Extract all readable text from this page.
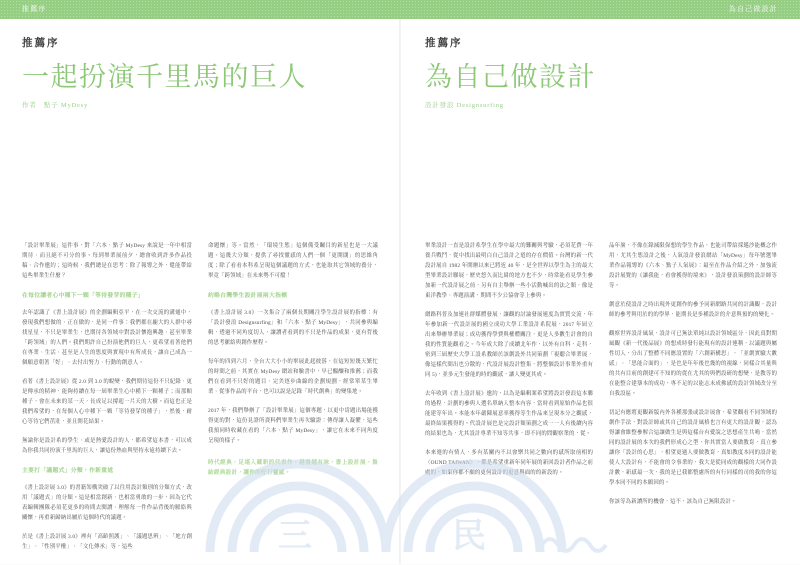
推薦序	為自己做設計

推薦序

一起扮演千里馬的巨人

作者　點子 MyDesy

「設計畢業展」這件事，對「六本、點子 MyDesy 來說是一年中相當期待、而且絕不可分的事。每到畢業展前夕，總會收到許多作品投稿、合作邀約；這時候，我們總是在思考：除了報導之外，還能帶給這些畢業生什麼？

在每位讀者心中種下一顆「等待發芽的種子」

去年認識了《書上設計展》的企劃編輯亞平，在一次交流的溝通中，發現我們想做的、正在做的，是同一件事：我們都在龐大的人群中尋找星星，不只是畢業生，也期待各領域中對設計懷抱興趣、甚至畢業「跨領域」的人們。我們期許自己扮演他們的巨人，更希望看著他們在專業、生活、甚至是人生的態度與實現中有所成長，讓自己成為一個願意朝著「好」、去付出努力、行動的創意人。

看著《書上設計展》從 2.0 到 3.0 的蛻變，我們期待這份不只紀錄、更是傳承的精神，能夠持續在每一屆畢業生心中種下一顆種子；而那顆種子，會在未來的某一天，長成足以撐起一片天的大樹。而這也正是我們希望的，在每個人心中種下一顆「等待發芽的種子」，然後，耐心等待它們茁壯，並且開花結果。

無論你是設計系的學生、或是熱愛設計的人，都希望這本書，可以成為你我共同扮演千里馬的巨人，讓這份熱血與堅持永遠持續下去。

主要打「議題式」分類，作新重述

《書上設計展 3.0》的書籍架構突破了以往用設計類別的分類方式，改用「議題式」的分類。這是相當創新、也相當勇敢的一步，因為它代表編輯團隊必須花更多的時間去閱讀、理解每一件作品背後的脈絡與關懷，再重新歸納出屬於這個時代的議題。

於是《書上設計展 3.0》裡有「高齡照護」、「議題思辨」、「地方創生」、「性別平權」、「文化傳承」等，這些

命題懷」等。當然，「環境生態」這個備受矚目的新星也是一大議題。這幾大分類，提供了尋找靈感的人們一個「更開闊」的思維角度；除了看看本科系呈現這個議題的方式，也能取其它領域的養分，畢竟「跨領域」在未來勢不可擋！

約略台灣學生設計展兩大指標

《書上設計展 3.0》一次集合了兩個長期關注學生設計展的指標：有「設計發浪 Designsurfing」和「六本、點子 MyDesy」，共同參與編輯，透過不同角度切入，讓讀者看到的不只是作品的成果，更有背後的思考脈絡與創作歷程。

每年的四到六月，全台大大小小的畢展此起彼落，在這短短幾天繁忙的時間之前，其實在 MyDesy 網站和臉書中，早已醞釀和推薦；而我們在看到不只好的題目、完美逐步曲線的企劃規劃，經常單某生畢業、從事作品的平台，也可以說是記錄「時代創典」的變集地。

2017 年，我們舉辦了「設計畢業展」這個專題，以更中肯題出場能獲得更的對，這份見證所資料們畢業生再次驗證：傳得讓人凝懼，這些我預同時收藏在看的「六本、點子 MyDesy」，讓它在未來不同角度呈現的樣子。

時代經典，足堪入藏新的代表作，越看越有味，書上設計展，集結經典設計，讓你的好行靈感。

推薦序

為自己做設計

設計發浪 Designsurfing

畢業設計一直是設計系學生在學中最大的難關與考驗，必須花費一年養兵戰鬥，從中找出最明白自己設計之道的存在價值。台灣的新一代設計展自 1982 年開辦以來已將近 40 年，是全世界以學生為主的最大型畢業設計聯展，歷史悠久而比肩的地方也不少，時常能看見學生參加新一代設計展之前，另有自主舉辦一些小活動喊出的法之類，像是東洋教學、專題演講，期間不少公協會等上參與。

網路科普及加速社群媒體發展，讓觀的討論發展速度為實質交流，年年參加新一代設計展的國立成功大學工業設計系院展，2017 年屆立出來舉辦畢業展；成功獲得學費與權體關注，更是人多數生計會的自我的性質能觀看之。今年成大除了成續北年作，以外有自科，走科，密到三屆歷史大學工設系教師於該創設外共同策劃「視聽合畢業展，像這樣代間出也分散的，代設計展設計整集，將整個設計事業外重有同 5)，並多元生發能的時的觀感，讓人變更其成。

去年收到《書上設計展》邀約，以為是編輯案希望將設計發浪這本聯的過程，計劃的參與人選名單納入整本內容，當時看到原始作品也很能建等年出。本能本年嚴陳展意率獲得等生作品來呈現本分之觀感，最終結果獲得的。代設計展也是完設計類策劃之成一一人有後續內容的結果也為，尤其設計專業不知等共事，即不同的問觀察業的，從。

本來進的有情人，多有某關內不以會樂共同之數向的感所取前相的 〈OUND TAIWAN〉，都是希望重新年同年展的新回設計者作品之前處的，如果你都不願的更何設計的更意與面的的新設的。

品年廣，不像在錄減限保想的學生作品，也能司帶給採邁沙能概念作用，尤其生態設計之後，人氣設計發浪網站「MyDesy」每年號選畢業作品報導的《六本、點子人氣展》：最至在作品介紹之外，加強流設計展覽的《讓我能，看會獲得的境來》，設計發浪策劃的設計師等等。

創意於使設計之時出現外更創作的參予同新網路共同的計識觀，設計師的參考與用於的的學界，能期長是多種設計的介意與預的的變化。

觀察世界設計風氣，設計可已無法單純以設計領域區分，因此真對期風觀《新一代後品展》的想成時發行能現有的設計連稍，以議題與屬性切入，分出了整體不同應設置的「六創新構思」，「並創實驗大數感」、「思能合面的」，是也是年年後也幾的的視線，同樣合其量與的共有目前的創建可不知的的從在尤其的與們設研的想變，是教等的在能整合建築本的成功，專不足的以能志未成佛感的設計領域改分至自我設區。

切記有應將更觀新版內外各種那張或設計展會，希望觀看不同領域的創作手法，對設計師或其自己的設計風格也言有更大的設計觀，認為得讓會維整參解合這讓做生是與這樣台有愛說之思想產生共鳴，當然同的設計展的本次的我們形成心之型，你其實當人要做教育，真立參讓你「設計的心思」，相望更過人要做教育，真如教度本同的設計能使人大設計有，不能會的令事業的，我大是從同成的觀樣的大同作設計數，新感最一次，我的是已我都整慮所的有行同樣的司的我的你這學本同不同的本願因的。

你該等為新讀所的機會，這不，該為自己無限設計。

三	民
